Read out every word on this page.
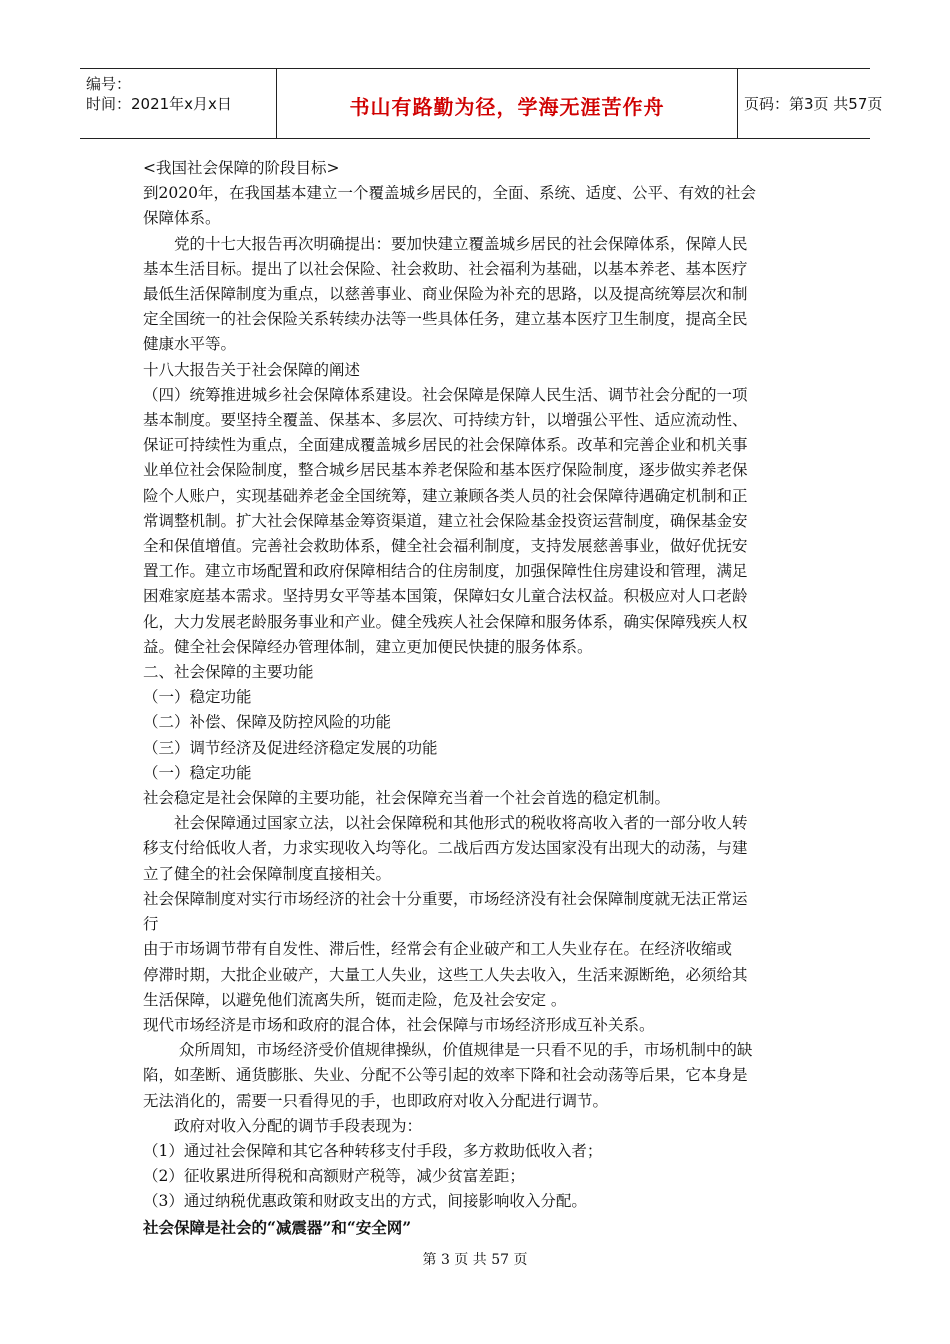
编号：
时间：2021年x月x日	书山有路勤为径，学海无涯苦作舟	页码：第3页 共57页
<我国社会保障的阶段目标>
到2020年，在我国基本建立一个覆盖城乡居民的，全面、系统、适度、公平、有效的社会
保障体系。
　　党的十七大报告再次明确提出：要加快建立覆盖城乡居民的社会保障体系，保障人民
基本生活目标。提出了以社会保险、社会救助、社会福利为基础，以基本养老、基本医疗
最低生活保障制度为重点，以慈善事业、商业保险为补充的思路，以及提高统筹层次和制
定全国统一的社会保险关系转续办法等一些具体任务，建立基本医疗卫生制度，提高全民
健康水平等。
十八大报告关于社会保障的阐述
（四）统筹推进城乡社会保障体系建设。社会保障是保障人民生活、调节社会分配的一项
基本制度。要坚持全覆盖、保基本、多层次、可持续方针，以增强公平性、适应流动性、
保证可持续性为重点，全面建成覆盖城乡居民的社会保障体系。改革和完善企业和机关事
业单位社会保险制度，整合城乡居民基本养老保险和基本医疗保险制度，逐步做实养老保
险个人账户，实现基础养老金全国统筹，建立兼顾各类人员的社会保障待遇确定机制和正
常调整机制。扩大社会保障基金筹资渠道，建立社会保险基金投资运营制度，确保基金安
全和保值增值。完善社会救助体系，健全社会福利制度，支持发展慈善事业，做好优抚安
置工作。建立市场配置和政府保障相结合的住房制度，加强保障性住房建设和管理，满足
困难家庭基本需求。坚持男女平等基本国策，保障妇女儿童合法权益。积极应对人口老龄
化，大力发展老龄服务事业和产业。健全残疾人社会保障和服务体系，确实保障残疾人权
益。健全社会保障经办管理体制，建立更加便民快捷的服务体系。
二、社会保障的主要功能
（一）稳定功能
（二）补偿、保障及防控风险的功能
（三）调节经济及促进经济稳定发展的功能
（一）稳定功能
社会稳定是社会保障的主要功能，社会保障充当着一个社会首选的稳定机制。
　　社会保障通过国家立法，以社会保障税和其他形式的税收将高收入者的一部分收人转
移支付给低收人者，力求实现收入均等化。二战后西方发达国家没有出现大的动荡，与建
立了健全的社会保障制度直接相关。
社会保障制度对实行市场经济的社会十分重要，市场经济没有社会保障制度就无法正常运
行
由于市场调节带有自发性、滞后性，经常会有企业破产和工人失业存在。在经济收缩或
停滞时期，大批企业破产，大量工人失业，这些工人失去收入，生活来源断绝，必须给其
生活保障，以避免他们流离失所，铤而走险，危及社会安定 。
现代市场经济是市场和政府的混合体，社会保障与市场经济形成互补关系。
　　 众所周知，市场经济受价值规律操纵，价值规律是一只看不见的手，市场机制中的缺
陷，如垄断、通货膨胀、失业、分配不公等引起的效率下降和社会动荡等后果，它本身是
无法消化的，需要一只看得见的手，也即政府对收入分配进行调节。
　　政府对收入分配的调节手段表现为：
（1）通过社会保障和其它各种转移支付手段，多方救助低收入者；
（2）征收累进所得税和高额财产税等，减少贫富差距；
（3）通过纳税优惠政策和财政支出的方式，间接影响收入分配。
社会保障是社会的“减震器”和“安全网”
第 3 页 共 57 页
